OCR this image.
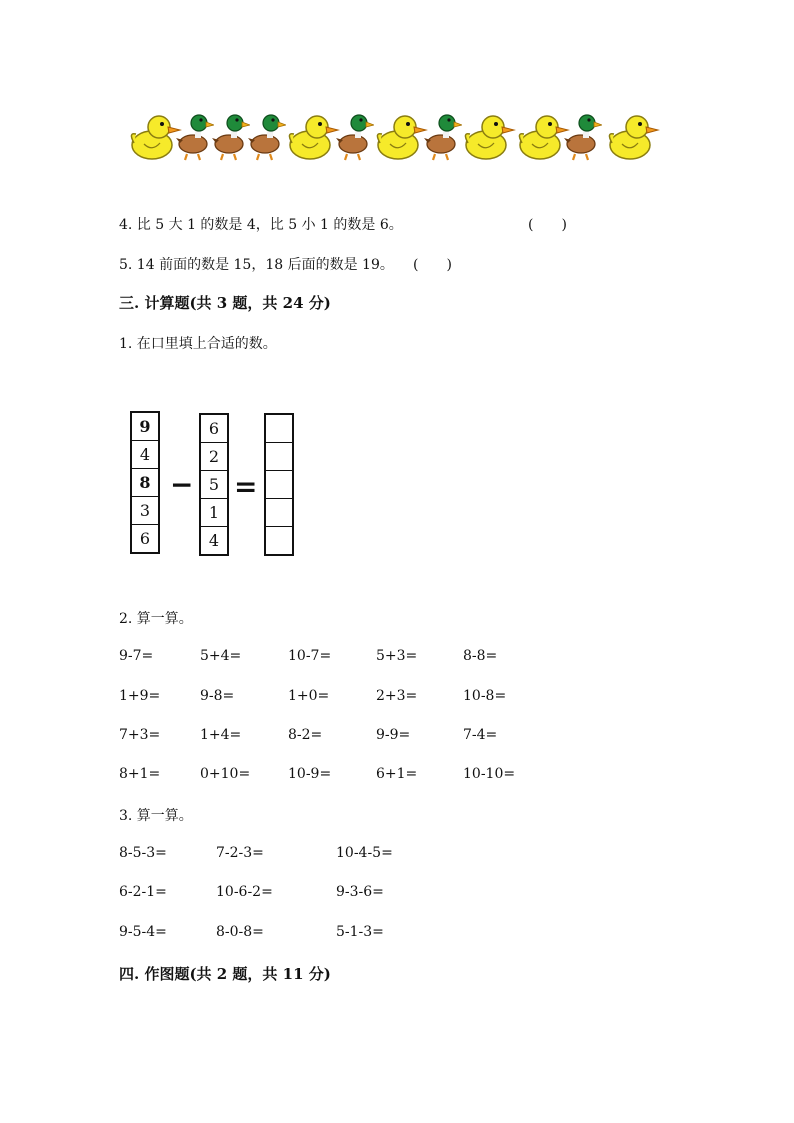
4. 比 5 大 1 的数是 4，比 5 小 1 的数是 6。	(　　)
5. 14 前面的数是 15，18 后面的数是 19。 (　　)
三. 计算题(共 3 题，共 24 分)
1. 在口里填上合适的数。
9
4
8
3
6
−
6
2
5
1
4
=
2. 算一算。
9-7=	5+4=	10-7=	5+3=	8-8=
1+9=	9-8=	1+0=	2+3=	10-8=
7+3=	1+4=	8-2=	9-9=	7-4=
8+1=	0+10=	10-9=	6+1=	10-10=
3. 算一算。
8-5-3=	7-2-3=	10-4-5=
6-2-1=	10-6-2=	9-3-6=
9-5-4=	8-0-8=	5-1-3=
四. 作图题(共 2 题，共 11 分)
